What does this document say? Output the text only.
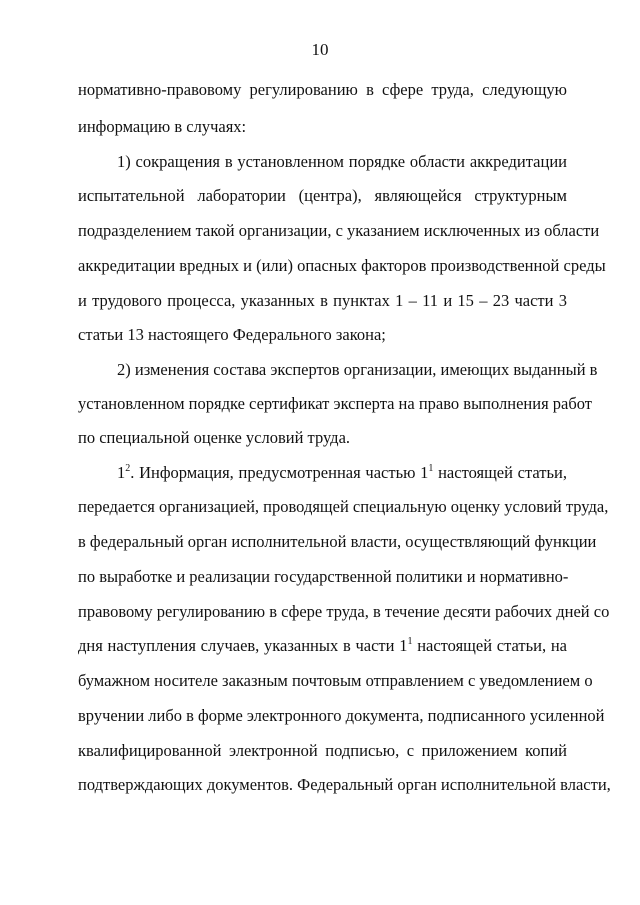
10
нормативно-правовому регулированию в сфере труда, следующую
информацию в случаях:
1) сокращения в установленном порядке области аккредитации
испытательной лаборатории (центра), являющейся структурным
подразделением такой организации, с указанием исключенных из области
аккредитации вредных и (или) опасных факторов производственной среды
и трудового процесса, указанных в пунктах 1 – 11 и 15 – 23 части 3
статьи 13 настоящего Федерального закона;
2) изменения состава экспертов организации, имеющих выданный в
установленном порядке сертификат эксперта на право выполнения работ
по специальной оценке условий труда.
$1^2$. Информация, предусмотренная частью $1^1$ настоящей статьи,
передается организацией, проводящей специальную оценку условий труда,
в федеральный орган исполнительной власти, осуществляющий функции
по выработке и реализации государственной политики и нормативно-
правовому регулированию в сфере труда, в течение десяти рабочих дней со
дня наступления случаев, указанных в части $1^1$ настоящей статьи, на
бумажном носителе заказным почтовым отправлением с уведомлением о
вручении либо в форме электронного документа, подписанного усиленной
квалифицированной электронной подписью, с приложением копий
подтверждающих документов. Федеральный орган исполнительной власти,
